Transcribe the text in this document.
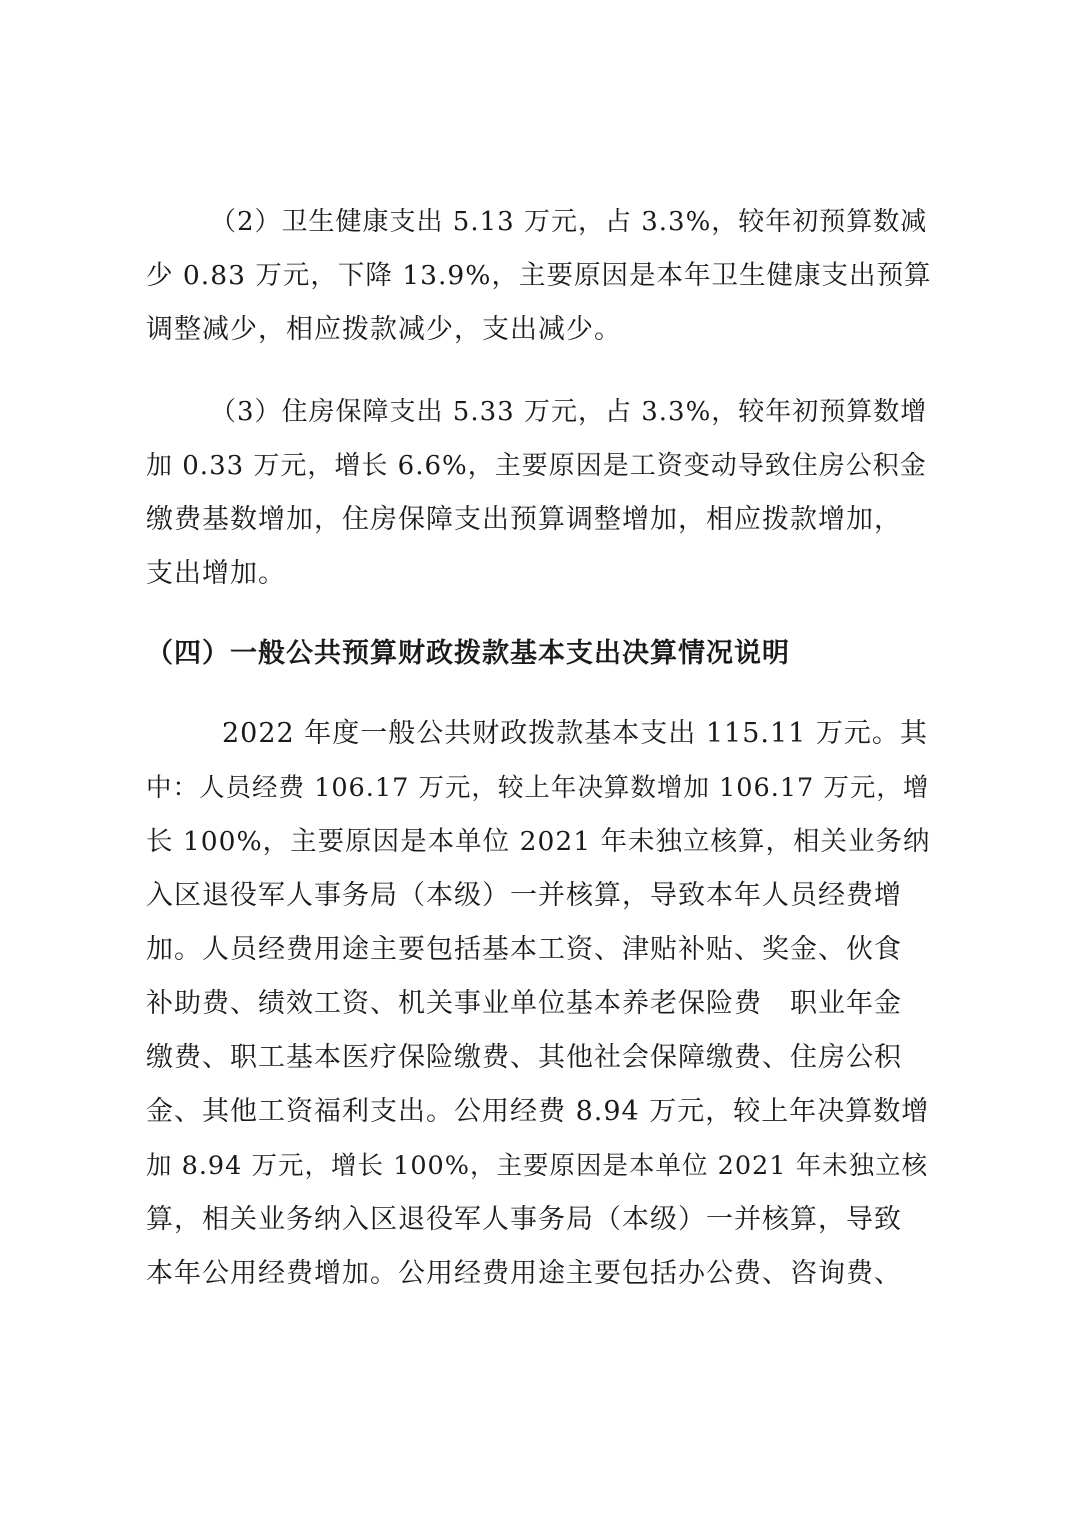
（2）卫生健康支出 5.13 万元，占 3.3%，较年初预算数减
少 0.83 万元，下降 13.9%，主要原因是本年卫生健康支出预算
调整减少，相应拨款减少，支出减少。
（3）住房保障支出 5.33 万元，占 3.3%，较年初预算数增
加 0.33 万元，增长 6.6%，主要原因是工资变动导致住房公积金
缴费基数增加，住房保障支出预算调整增加，相应拨款增加，
支出增加。
（四）一般公共预算财政拨款基本支出决算情况说明
2022 年度一般公共财政拨款基本支出 115.11 万元。其
中：人员经费 106.17 万元，较上年决算数增加 106.17 万元，增
长 100%，主要原因是本单位 2021 年未独立核算，相关业务纳
入区退役军人事务局（本级）一并核算，导致本年人员经费增
加。人员经费用途主要包括基本工资、津贴补贴、奖金、伙食
补助费、绩效工资、机关事业单位基本养老保险费　职业年金
缴费、职工基本医疗保险缴费、其他社会保障缴费、住房公积
金、其他工资福利支出。公用经费 8.94 万元，较上年决算数增
加 8.94 万元，增长 100%，主要原因是本单位 2021 年未独立核
算，相关业务纳入区退役军人事务局（本级）一并核算，导致
本年公用经费增加。公用经费用途主要包括办公费、咨询费、
